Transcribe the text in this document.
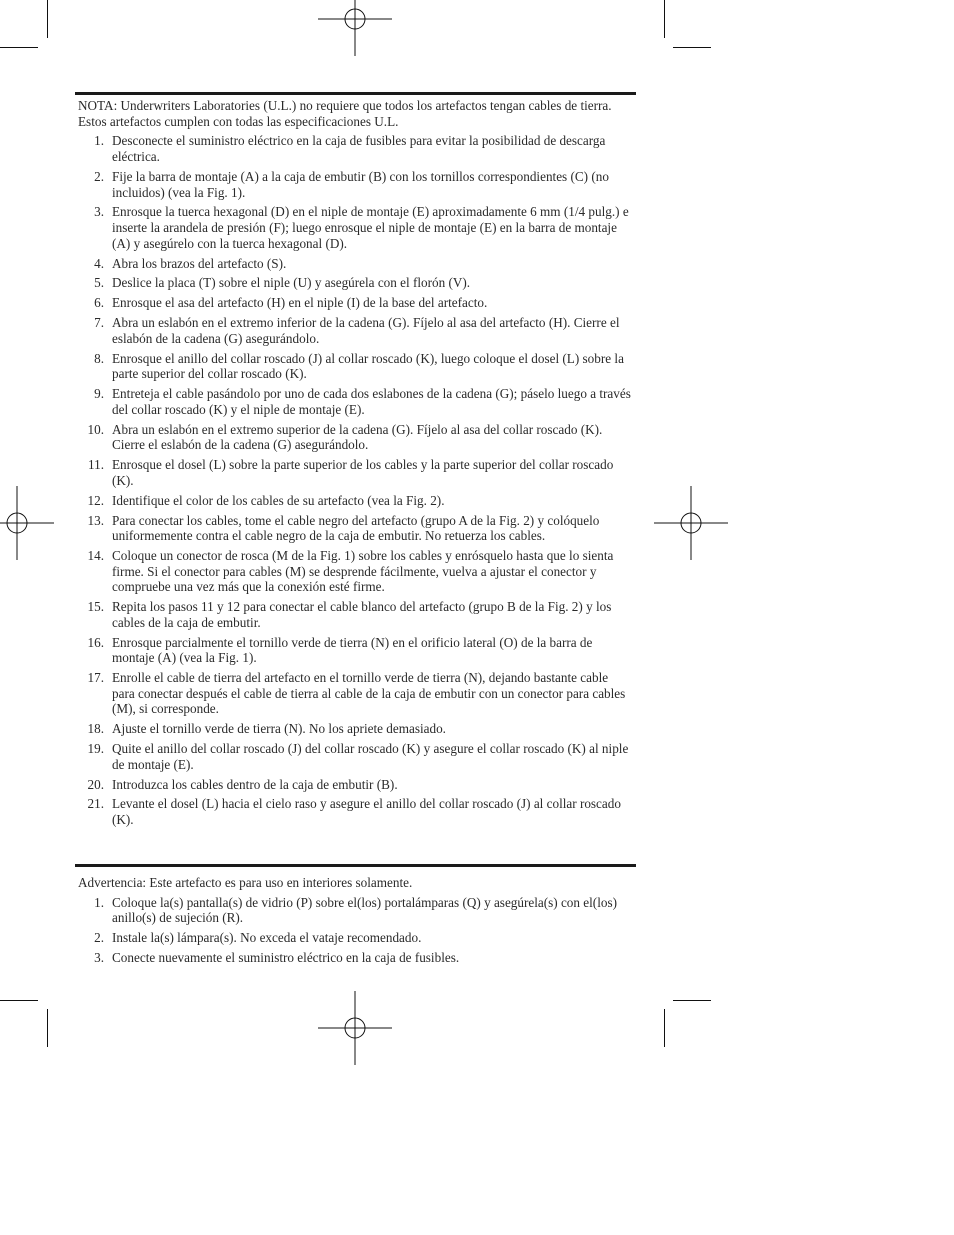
NOTA: Underwriters Laboratories (U.L.) no requiere que todos los artefactos tengan cables de tierra. Estos artefactos cumplen con todas las especificaciones U.L.

1. Desconecte el suministro eléctrico en la caja de fusibles para evitar la posibilidad de descarga eléctrica.
2. Fije la barra de montaje (A) a la caja de embutir (B) con los tornillos correspondientes (C) (no incluidos) (vea la Fig. 1).
3. Enrosque la tuerca hexagonal (D) en el niple de montaje (E) aproximadamente 6 mm (1/4 pulg.) e inserte la arandela de presión (F); luego enrosque el niple de montaje (E) en la barra de montaje (A) y asegúrelo con la tuerca hexagonal (D).
4. Abra los brazos del artefacto (S).
5. Deslice la placa (T) sobre el niple (U) y asegúrela con el florón (V).
6. Enrosque el asa del artefacto (H) en el niple (I) de la base del artefacto.
7. Abra un eslabón en el extremo inferior de la cadena (G). Fíjelo al asa del artefacto (H). Cierre el eslabón de la cadena (G) asegurándolo.
8. Enrosque el anillo del collar roscado (J) al collar roscado (K), luego coloque el dosel (L) sobre la parte superior del collar roscado (K).
9. Entreteja el cable pasándolo por uno de cada dos eslabones de la cadena (G); páselo luego a través del collar roscado (K) y el niple de montaje (E).
10. Abra un eslabón en el extremo superior de la cadena (G). Fíjelo al asa del collar roscado (K). Cierre el eslabón de la cadena (G) asegurándolo.
11. Enrosque el dosel (L) sobre la parte superior de los cables y la parte superior del collar roscado (K).
12. Identifique el color de los cables de su artefacto (vea la Fig. 2).
13. Para conectar los cables, tome el cable negro del artefacto (grupo A de la Fig. 2) y colóquelo uniformemente contra el cable negro de la caja de embutir. No retuerza los cables.
14. Coloque un conector de rosca (M de la Fig. 1) sobre los cables y enrósquelo hasta que lo sienta firme. Si el conector para cables (M) se desprende fácilmente, vuelva a ajustar el conector y compruebe una vez más que la conexión esté firme.
15. Repita los pasos 11 y 12 para conectar el cable blanco del artefacto (grupo B de la Fig. 2) y los cables de la caja de embutir.
16. Enrosque parcialmente el tornillo verde de tierra (N) en el orificio lateral (O) de la barra de montaje (A) (vea la Fig. 1).
17. Enrolle el cable de tierra del artefacto en el tornillo verde de tierra (N), dejando bastante cable para conectar después el cable de tierra al cable de la caja de embutir con un conector para cables (M), si corresponde.
18. Ajuste el tornillo verde de tierra (N). No los apriete demasiado.
19. Quite el anillo del collar roscado (J) del collar roscado (K) y asegure el collar roscado (K) al niple de montaje (E).
20. Introduzca los cables dentro de la caja de embutir (B).
21. Levante el dosel (L) hacia el cielo raso y asegure el anillo del collar roscado (J) al collar roscado (K).

Advertencia: Este artefacto es para uso en interiores solamente.

1. Coloque la(s) pantalla(s) de vidrio (P) sobre el(los) portalámparas (Q) y asegúrela(s) con el(los) anillo(s) de sujeción (R).
2. Instale la(s) lámpara(s). No exceda el vataje recomendado.
3. Conecte nuevamente el suministro eléctrico en la caja de fusibles.
